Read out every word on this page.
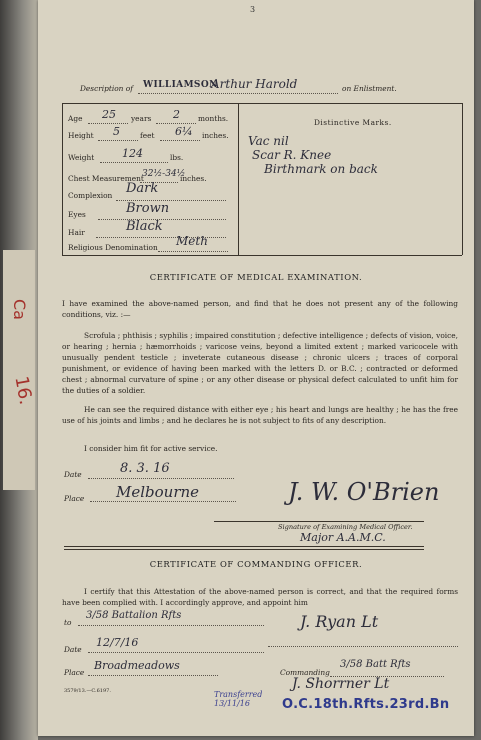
Ca
16.
3
Description of WILLIAMSON
Arthur Harold	on Enlistment.
Age 25 years 2 months.
Height 5	feet 6¼ inches.
Weight	124	lbs.
Chest Measurement
32½-34½
inches.
Complexion Dark
Eyes	Brown
Hair	Black
Religious Denomination Meth
Distinctive Marks.
Vac nil
Scar R. Knee
Birthmark on back
CERTIFICATE OF MEDICAL EXAMINATION.
I have examined the above-named person, and find that he does not present any of the following conditions, viz. :—
Scrofula ; phthisis ; syphilis ; impaired constitution ; defective intelligence ; defects of vision, voice, or hearing ; hernia ; hæmorrhoids ; varicose veins, beyond a limited extent ; marked varicocele with unusually pendent testicle ; inveterate cutaneous disease ; chronic ulcers ; traces of corporal punishment, or evidence of having been marked with the letters D. or B.C. ; contracted or deformed chest ; abnormal curvature of spine ; or any other disease or physical defect calculated to unfit him for the duties of a soldier.
He can see the required distance with either eye ; his heart and lungs are healthy ; he has the free use of his joints and limbs ; and he declares he is not subject to fits of any description.
I consider him fit for active service.
Date	8. 3. 16
Place Melbourne	J. W. O'Brien
Signature of Examining Medical Officer.
Major A.A.M.C.
CERTIFICATE OF COMMANDING OFFICER.
I certify that this Attestation of the above-named person is correct, and that the required forms have been complied with. I accordingly approve, and appoint him
to
3/58 Battalion Rfts	J. Ryan Lt
Date
12/7/16
Place
Broadmeadows
Commanding
3/58 Batt Rfts
3579/13.—C.6197.	Transferred 13/11/16
J. Shorrner Lt
O.C.18th.Rfts.23rd.Bn
